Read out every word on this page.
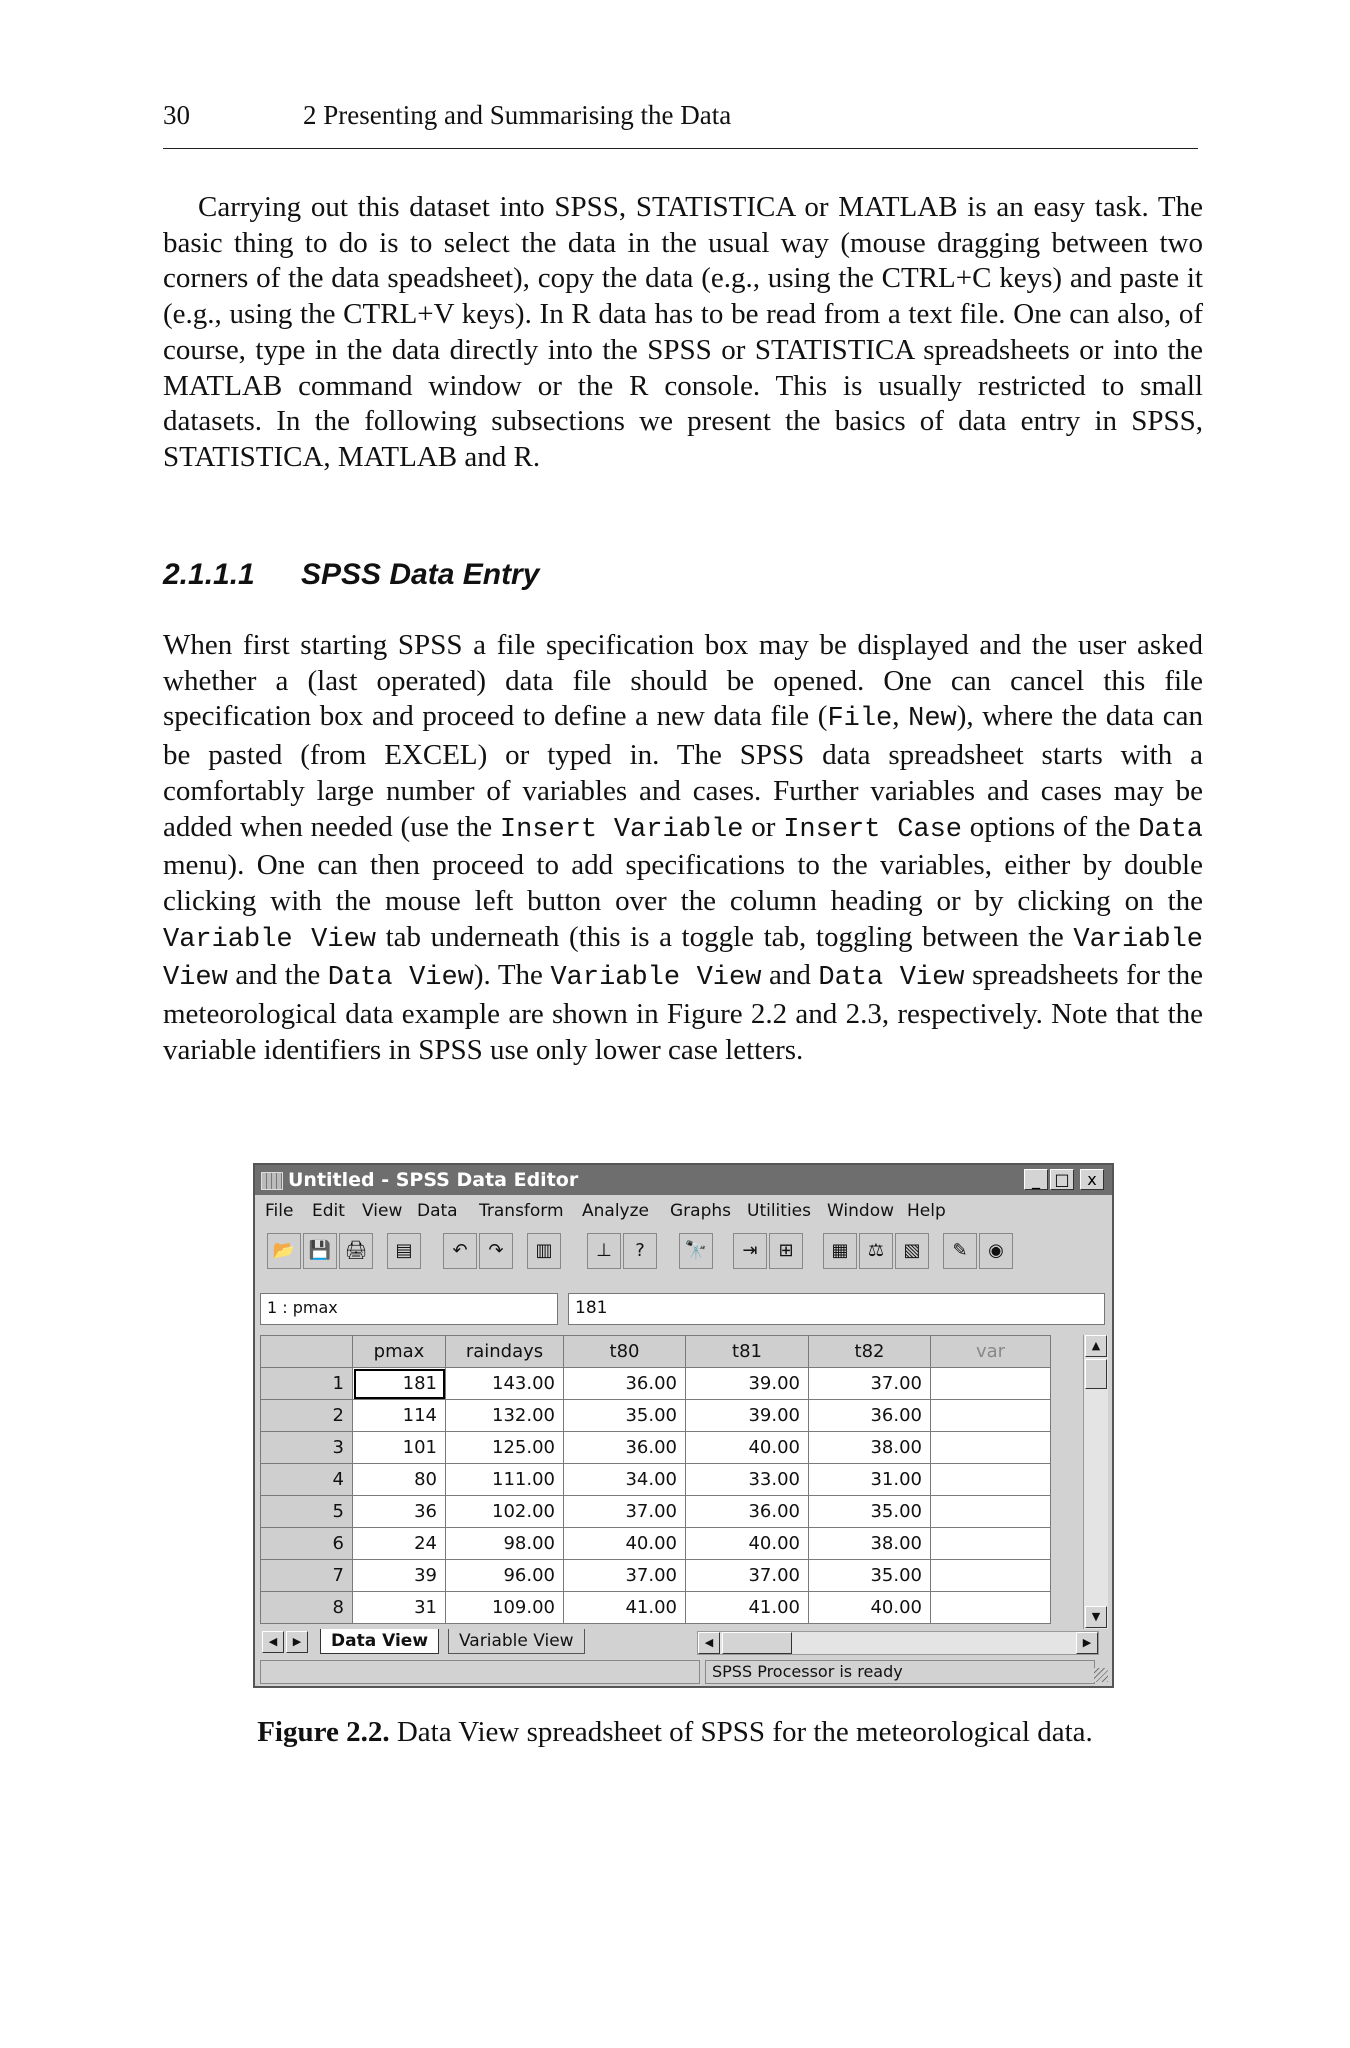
30	2 Presenting and Summarising the Data

Carrying out this dataset into SPSS, STATISTICA or MATLAB is an easy task. The basic thing to do is to select the data in the usual way (mouse dragging between two corners of the data speadsheet), copy the data (e.g., using the CTRL+C keys) and paste it (e.g., using the CTRL+V keys). In R data has to be read from a text file. One can also, of course, type in the data directly into the SPSS or STATISTICA spreadsheets or into the MATLAB command window or the R console. This is usually restricted to small datasets. In the following subsections we present the basics of data entry in SPSS, STATISTICA, MATLAB and R.

2.1.1.1 SPSS Data Entry

When first starting SPSS a file specification box may be displayed and the user asked whether a (last operated) data file should be opened. One can cancel this file specification box and proceed to define a new data file (File, New), where the data can be pasted (from EXCEL) or typed in. The SPSS data spreadsheet starts with a comfortably large number of variables and cases. Further variables and cases may be added when needed (use the Insert Variable or Insert Case options of the Data menu). One can then proceed to add specifications to the variables, either by double clicking with the mouse left button over the column heading or by clicking on the Variable View tab underneath (this is a toggle tab, toggling between the Variable View and the Data View). The Variable View and Data View spreadsheets for the meteorological data example are shown in Figure 2.2 and 2.3, respectively. Note that the variable identifiers in SPSS use only lower case letters.

Untitled - SPSS Data Editor	_ □	x
File Edit View Data Transform Analyze Graphs Utilities Window Help
📂 💾 🖨	▤	↶	↷	▥	⊥	?	🔭	⇥	⊞	▦	⚖	▧	✎	◉
1 : pmax	181
	pmax	raindays	t80	t81	t82	var
1	181	143.00	36.00	39.00	37.00	
2	114	132.00	35.00	39.00	36.00	
3	101	125.00	36.00	40.00	38.00	
4	80	111.00	34.00	33.00	31.00	
5	36	102.00	37.00	36.00	35.00	
6	24	98.00	40.00	40.00	38.00	
7	39	96.00	37.00	37.00	35.00	
8	31	109.00	41.00	41.00	40.00	
▲
▼
◀	▶	Data View	Variable View	◀	▶
SPSS Processor is ready
Figure 2.2. Data View spreadsheet of SPSS for the meteorological data.
